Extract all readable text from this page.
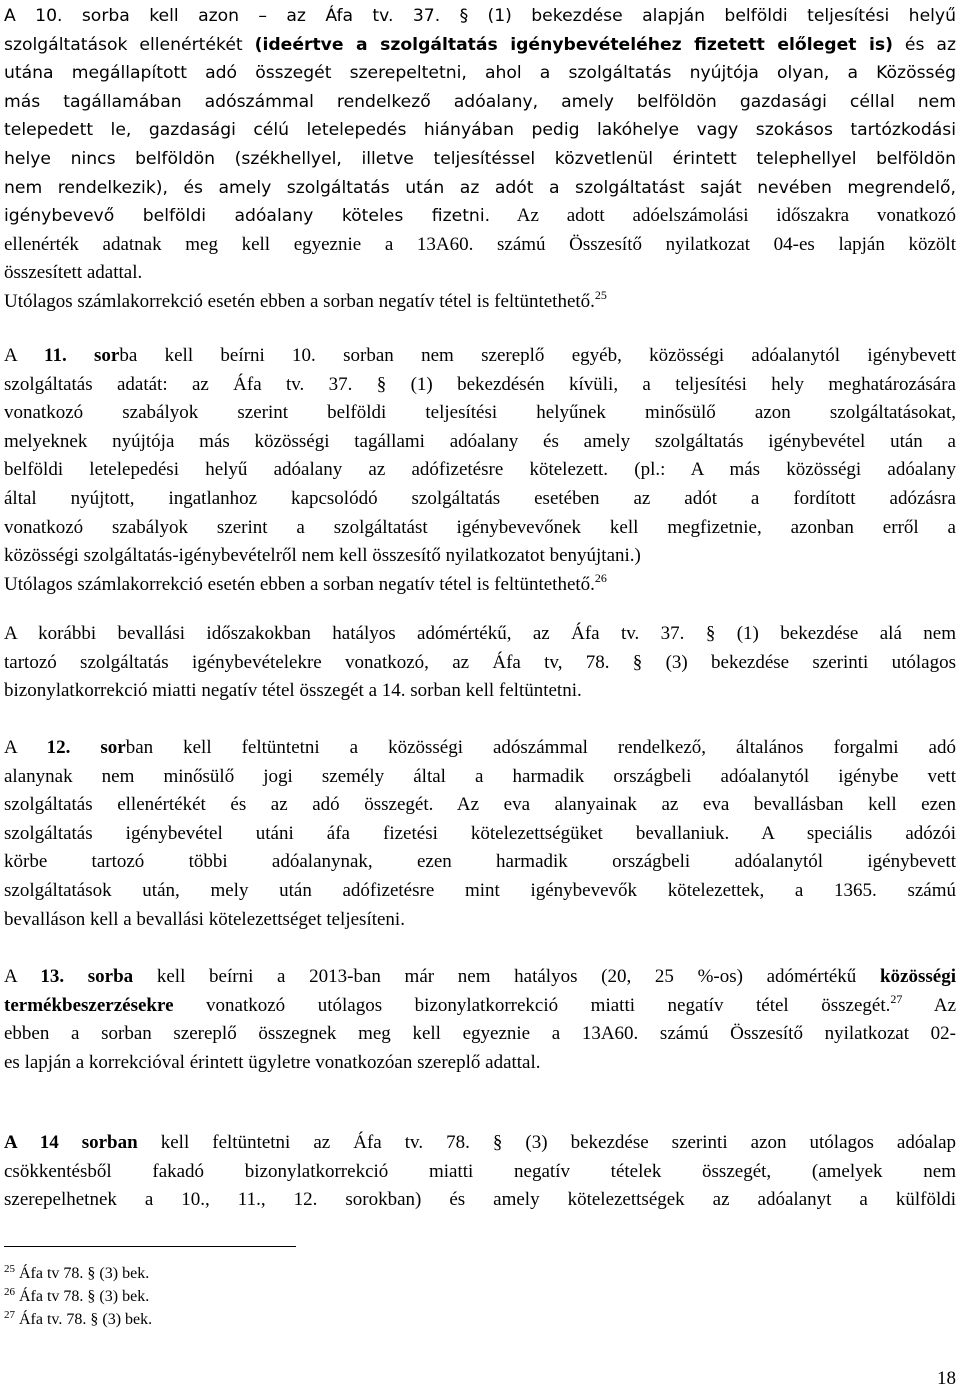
A 10. sorba kell azon – az Áfa tv. 37. § (1) bekezdése alapján belföldi teljesítési helyű
szolgáltatások ellenértékét (ideértve a szolgáltatás igénybevételéhez fizetett előleget is) és az
utána megállapított adó összegét szerepeltetni, ahol a szolgáltatás nyújtója olyan, a Közösség
más tagállamában adószámmal rendelkező adóalany, amely belföldön gazdasági céllal nem
telepedett le, gazdasági célú letelepedés hiányában pedig lakóhelye vagy szokásos tartózkodási
helye nincs belföldön (székhellyel, illetve teljesítéssel közvetlenül érintett telephellyel belföldön
nem rendelkezik), és amely szolgáltatás után az adót a szolgáltatást saját nevében megrendelő,
igénybevevő belföldi adóalany köteles fizetni. Az adott adóelszámolási időszakra vonatkozó
ellenérték adatnak meg kell egyeznie a 13A60. számú Összesítő nyilatkozat 04-es lapján közölt
összesített adattal.
Utólagos számlakorrekció esetén ebben a sorban negatív tétel is feltüntethető.$^{25}$
A 11. sorba kell beírni 10. sorban nem szereplő egyéb, közösségi adóalanytól igénybevett
szolgáltatás adatát: az Áfa tv. 37. § (1) bekezdésén kívüli, a teljesítési hely meghatározására
vonatkozó szabályok szerint belföldi teljesítési helyűnek minősülő azon szolgáltatásokat,
melyeknek nyújtója más közösségi tagállami adóalany és amely szolgáltatás igénybevétel után a
belföldi letelepedési helyű adóalany az adófizetésre kötelezett. (pl.: A más közösségi adóalany
által nyújtott, ingatlanhoz kapcsolódó szolgáltatás esetében az adót a fordított adózásra
vonatkozó szabályok szerint a szolgáltatást igénybevevőnek kell megfizetnie, azonban erről a
közösségi szolgáltatás-igénybevételről nem kell összesítő nyilatkozatot benyújtani.)
Utólagos számlakorrekció esetén ebben a sorban negatív tétel is feltüntethető.$^{26}$
A korábbi bevallási időszakokban hatályos adómértékű, az Áfa tv. 37. § (1) bekezdése alá nem
tartozó szolgáltatás igénybevételekre vonatkozó, az Áfa tv, 78. § (3) bekezdése szerinti utólagos
bizonylatkorrekció miatti negatív tétel összegét a 14. sorban kell feltüntetni.
A 12. sorban kell feltüntetni a közösségi adószámmal rendelkező, általános forgalmi adó
alanynak nem minősülő jogi személy által a harmadik országbeli adóalanytól igénybe vett
szolgáltatás ellenértékét és az adó összegét. Az eva alanyainak az eva bevallásban kell ezen
szolgáltatás igénybevétel utáni áfa fizetési kötelezettségüket bevallaniuk. A speciális adózói
körbe tartozó többi adóalanynak, ezen harmadik országbeli adóalanytól igénybevett
szolgáltatások után, mely után adófizetésre mint igénybevevők kötelezettek, a 1365. számú
bevalláson kell a bevallási kötelezettséget teljesíteni.
A 13. sorba kell beírni a 2013-ban már nem hatályos (20, 25 %-os) adómértékű közösségi
termékbeszerzésekre vonatkozó utólagos bizonylatkorrekció miatti negatív tétel összegét.$^{27}$ Az
ebben a sorban szereplő összegnek meg kell egyeznie a 13A60. számú Összesítő nyilatkozat 02-
es lapján a korrekcióval érintett ügyletre vonatkozóan szereplő adattal.
A 14 sorban kell feltüntetni az Áfa tv. 78. § (3) bekezdése szerinti azon utólagos adóalap
csökkentésből fakadó bizonylatkorrekció miatti negatív tételek összegét, (amelyek nem
szerepelhetnek a 10., 11., 12. sorokban) és amely kötelezettségek az adóalanyt a külföldi
$^{25}$ Áfa tv 78. § (3) bek.
$^{26}$ Áfa tv 78. § (3) bek.
$^{27}$ Áfa tv. 78. § (3) bek.
18
